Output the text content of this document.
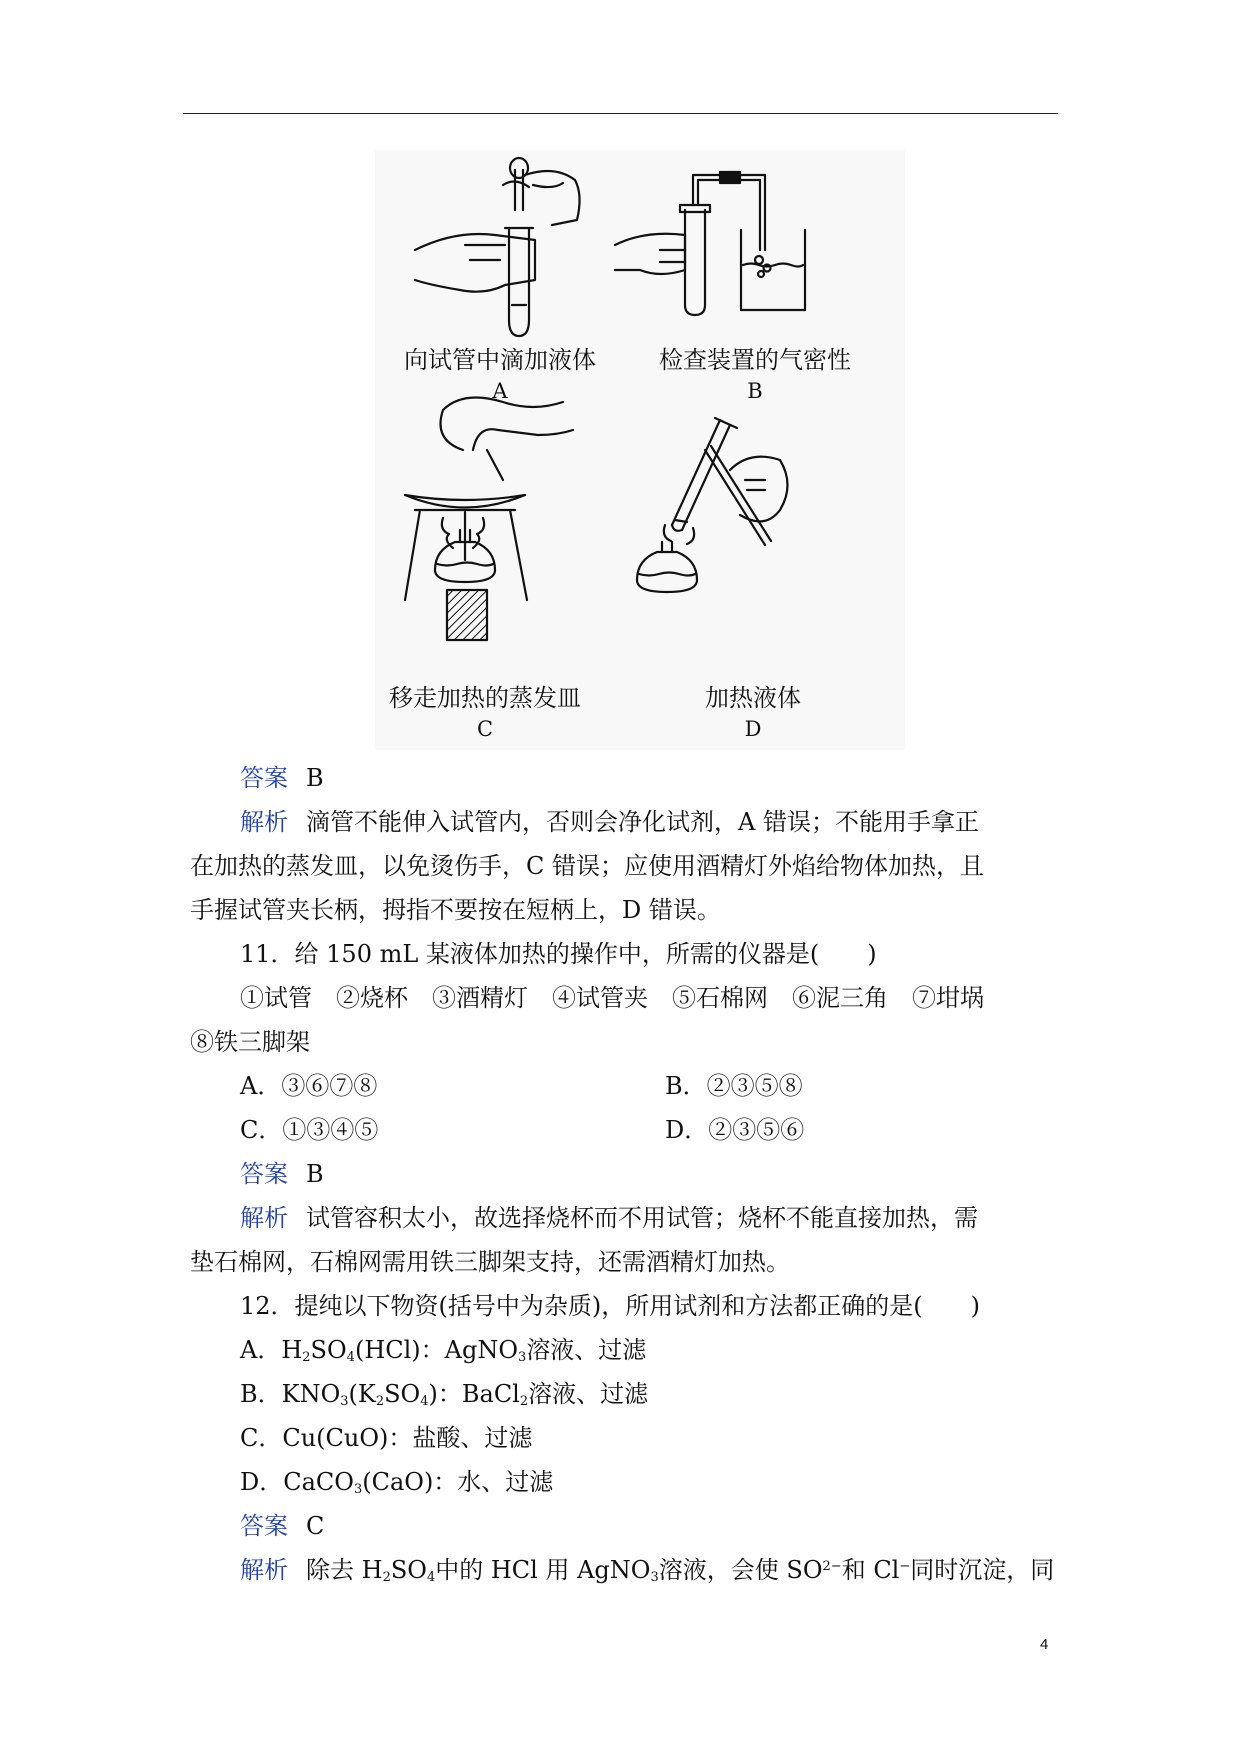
向试管中滴加液体
A
检查装置的气密性
B
移走加热的蒸发皿
C
加热液体
D
答案 B
解析 滴管不能伸入试管内，否则会净化试剂，A 错误；不能用手拿正
在加热的蒸发皿，以免烫伤手，C 错误；应使用酒精灯外焰给物体加热，且
手握试管夹长柄，拇指不要按在短柄上，D 错误。
11．给 150 mL 某液体加热的操作中，所需的仪器是(　　)
①试管　②烧杯　③酒精灯　④试管夹　⑤石棉网　⑥泥三角　⑦坩埚
⑧铁三脚架
A．③⑥⑦⑧	B．②③⑤⑧
C．①③④⑤	D．②③⑤⑥
答案 B
解析 试管容积太小，故选择烧杯而不用试管；烧杯不能直接加热，需
垫石棉网，石棉网需用铁三脚架支持，还需酒精灯加热。
12．提纯以下物资(括号中为杂质)，所用试剂和方法都正确的是(　　)
A．$H_2SO_4(HCl)$：AgNO$_3$溶液、过滤
B．$KNO_3(K_2SO_4)$：BaCl$_2$溶液、过滤
C．Cu(CuO)：盐酸、过滤
D．CaCO$_3$(CaO)：水、过滤
答案 C
解析 除去 $H_2SO_4$中的 HCl 用 AgNO$_3$溶液，会使 $SO^{2-}$和 Cl−同时沉淀，同
4
